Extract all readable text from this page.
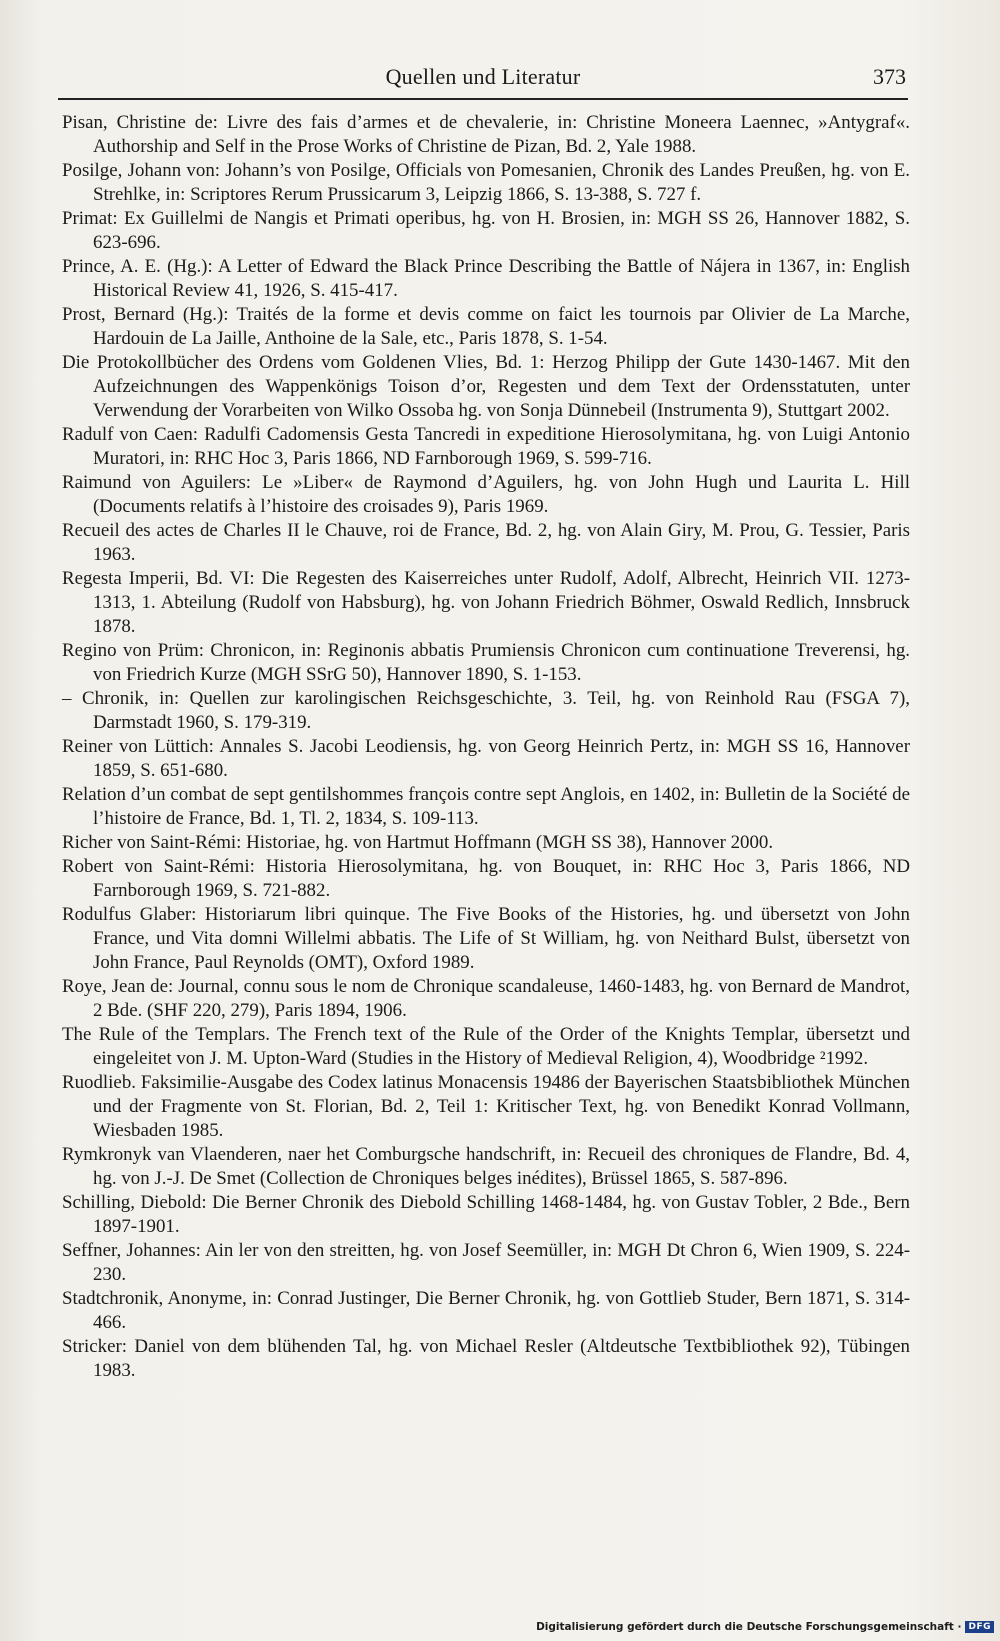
Quellen und Literatur	373
Pisan, Christine de: Livre des fais d’armes et de chevalerie, in: Christine Moneera Laennec, »Antygraf«. Authorship and Self in the Prose Works of Christine de Pizan, Bd. 2, Yale 1988.
Posilge, Johann von: Johann’s von Posilge, Officials von Pomesanien, Chronik des Landes Preußen, hg. von E. Strehlke, in: Scriptores Rerum Prussicarum 3, Leipzig 1866, S. 13-388, S. 727 f.
Primat: Ex Guillelmi de Nangis et Primati operibus, hg. von H. Brosien, in: MGH SS 26, Hannover 1882, S. 623-696.
Prince, A. E. (Hg.): A Letter of Edward the Black Prince Describing the Battle of Nájera in 1367, in: English Historical Review 41, 1926, S. 415-417.
Prost, Bernard (Hg.): Traités de la forme et devis comme on faict les tournois par Olivier de La Marche, Hardouin de La Jaille, Anthoine de la Sale, etc., Paris 1878, S. 1-54.
Die Protokollbücher des Ordens vom Goldenen Vlies, Bd. 1: Herzog Philipp der Gute 1430-1467. Mit den Aufzeichnungen des Wappenkönigs Toison d’or, Regesten und dem Text der Ordensstatuten, unter Verwendung der Vorarbeiten von Wilko Ossoba hg. von Sonja Dünnebeil (Instrumenta 9), Stuttgart 2002.
Radulf von Caen: Radulfi Cadomensis Gesta Tancredi in expeditione Hierosolymitana, hg. von Luigi Antonio Muratori, in: RHC Hoc 3, Paris 1866, ND Farnborough 1969, S. 599-716.
Raimund von Aguilers: Le »Liber« de Raymond d’Aguilers, hg. von John Hugh und Laurita L. Hill (Documents relatifs à l’histoire des croisades 9), Paris 1969.
Recueil des actes de Charles II le Chauve, roi de France, Bd. 2, hg. von Alain Giry, M. Prou, G. Tessier, Paris 1963.
Regesta Imperii, Bd. VI: Die Regesten des Kaiserreiches unter Rudolf, Adolf, Albrecht, Heinrich VII. 1273-1313, 1. Abteilung (Rudolf von Habsburg), hg. von Johann Friedrich Böhmer, Oswald Redlich, Innsbruck 1878.
Regino von Prüm: Chronicon, in: Reginonis abbatis Prumiensis Chronicon cum continuatione Treverensi, hg. von Friedrich Kurze (MGH SSrG 50), Hannover 1890, S. 1-153.
– Chronik, in: Quellen zur karolingischen Reichsgeschichte, 3. Teil, hg. von Reinhold Rau (FSGA 7), Darmstadt 1960, S. 179-319.
Reiner von Lüttich: Annales S. Jacobi Leodiensis, hg. von Georg Heinrich Pertz, in: MGH SS 16, Hannover 1859, S. 651-680.
Relation d’un combat de sept gentilshommes françois contre sept Anglois, en 1402, in: Bulletin de la Société de l’histoire de France, Bd. 1, Tl. 2, 1834, S. 109-113.
Richer von Saint-Rémi: Historiae, hg. von Hartmut Hoffmann (MGH SS 38), Hannover 2000.
Robert von Saint-Rémi: Historia Hierosolymitana, hg. von Bouquet, in: RHC Hoc 3, Paris 1866, ND Farnborough 1969, S. 721-882.
Rodulfus Glaber: Historiarum libri quinque. The Five Books of the Histories, hg. und übersetzt von John France, und Vita domni Willelmi abbatis. The Life of St William, hg. von Neithard Bulst, übersetzt von John France, Paul Reynolds (OMT), Oxford 1989.
Roye, Jean de: Journal, connu sous le nom de Chronique scandaleuse, 1460-1483, hg. von Bernard de Mandrot, 2 Bde. (SHF 220, 279), Paris 1894, 1906.
The Rule of the Templars. The French text of the Rule of the Order of the Knights Templar, übersetzt und eingeleitet von J. M. Upton-Ward (Studies in the History of Medieval Religion, 4), Woodbridge ²1992.
Ruodlieb. Faksimilie-Ausgabe des Codex latinus Monacensis 19486 der Bayerischen Staatsbibliothek München und der Fragmente von St. Florian, Bd. 2, Teil 1: Kritischer Text, hg. von Benedikt Konrad Vollmann, Wiesbaden 1985.
Rymkronyk van Vlaenderen, naer het Comburgsche handschrift, in: Recueil des chroniques de Flandre, Bd. 4, hg. von J.-J. De Smet (Collection de Chroniques belges inédites), Brüssel 1865, S. 587-896.
Schilling, Diebold: Die Berner Chronik des Diebold Schilling 1468-1484, hg. von Gustav Tobler, 2 Bde., Bern 1897-1901.
Seffner, Johannes: Ain ler von den streitten, hg. von Josef Seemüller, in: MGH Dt Chron 6, Wien 1909, S. 224-230.
Stadtchronik, Anonyme, in: Conrad Justinger, Die Berner Chronik, hg. von Gottlieb Studer, Bern 1871, S. 314-466.
Stricker: Daniel von dem blühenden Tal, hg. von Michael Resler (Altdeutsche Textbibliothek 92), Tübingen 1983.
Digitalisierung gefördert durch die Deutsche Forschungsgemeinschaft · DFG
